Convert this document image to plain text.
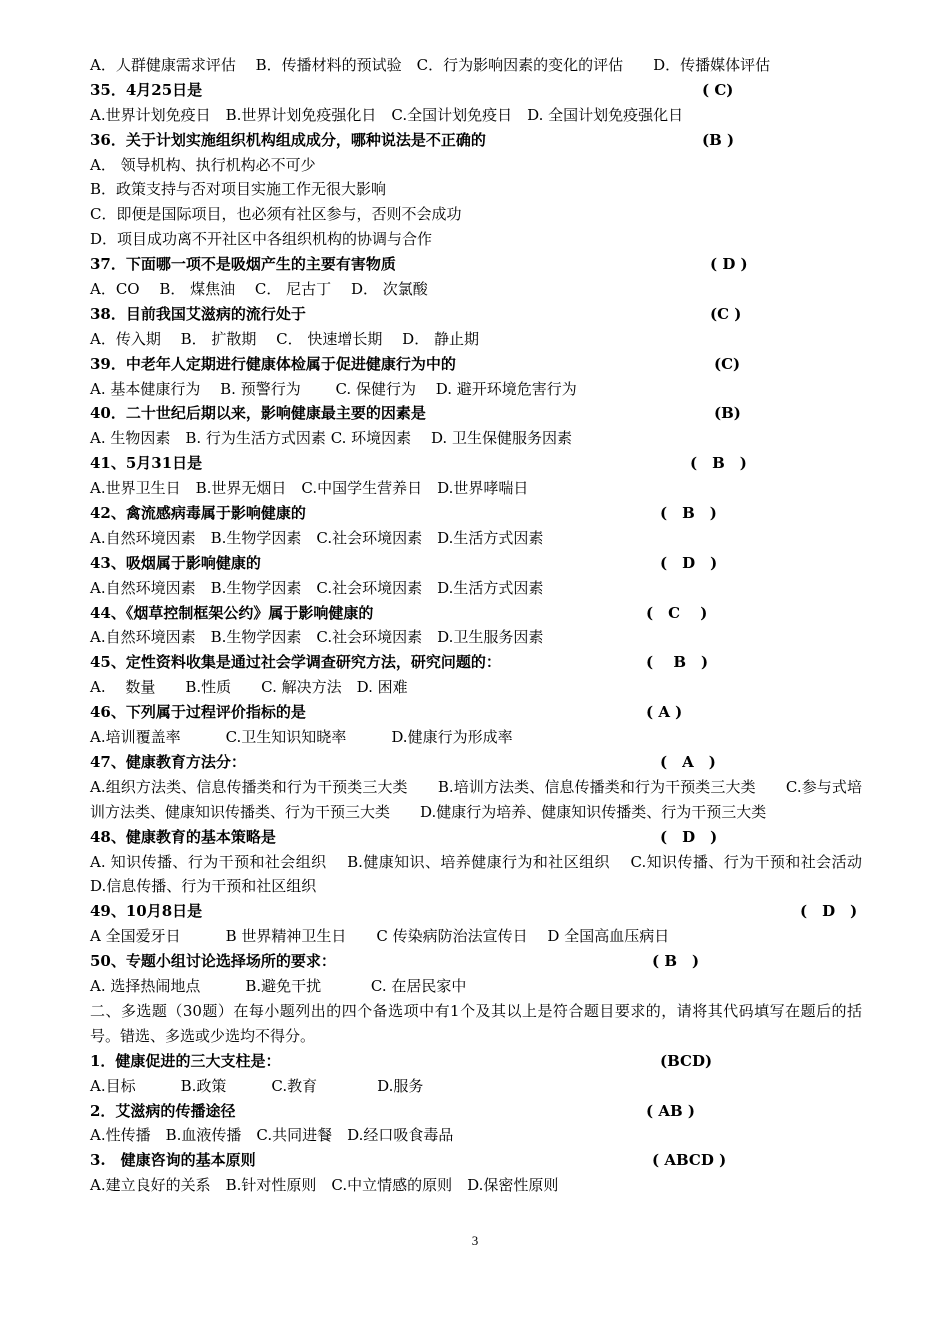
A．人群健康需求评估　 B．传播材料的预试验　C．行为影响因素的变化的评估　　D．传播媒体评估
35．4月25日是	( C)
A.世界计划免疫日　B.世界计划免疫强化日　C.全国计划免疫日　D. 全国计划免疫强化日
36．关于计划实施组织机构组成成分，哪种说法是不正确的	(B )
A． 领导机构、执行机构必不可少
B．政策支持与否对项目实施工作无很大影响
C．即便是国际项目，也必须有社区参与，否则不会成功
D．项目成功离不开社区中各组织机构的协调与合作
37．下面哪一项不是吸烟产生的主要有害物质	( D )
A．CO　 B． 煤焦油　 C． 尼古丁　 D． 次氯酸
38．目前我国艾滋病的流行处于	(C )
A．传入期　 B． 扩散期　 C． 快速增长期　 D． 静止期
39．中老年人定期进行健康体检属于促进健康行为中的	(C)
A. 基本健康行为　 B. 预警行为　　 C. 保健行为　 D. 避开环境危害行为
40．二十世纪后期以来，影响健康最主要的因素是	(B)
A. 生物因素　B. 行为生活方式因素 C. 环境因素　 D. 卫生保健服务因素
41、5月31日是	(　B　)
A.世界卫生日　B.世界无烟日　C.中国学生营养日　D.世界哮喘日
42、禽流感病毒属于影响健康的	(　B　)
A.自然环境因素　B.生物学因素　C.社会环境因素　D.生活方式因素
43、吸烟属于影响健康的	(　D　)
A.自然环境因素　B.生物学因素　C.社会环境因素　D.生活方式因素
44、《烟草控制框架公约》属于影响健康的	(　C　 )
A.自然环境因素　B.生物学因素　C.社会环境因素　D.卫生服务因素
45、定性资料收集是通过社会学调查研究方法，研究问题的：	(　 B　)
A.　 数量　　B.性质　　C. 解决方法　D. 困难
46、下列属于过程评价指标的是	( A )
A.培训覆盖率　　　C.卫生知识知晓率　　　D.健康行为形成率
47、健康教育方法分：	(　A　)
A.组织方法类、信息传播类和行为干预类三大类　　B.培训方法类、信息传播类和行为干预类三大类　　C.参与式培训方法类、健康知识传播类、行为干预三大类　　D.健康行为培养、健康知识传播类、行为干预三大类
48、健康教育的基本策略是	(　D　)
A. 知识传播、行为干预和社会组织　 B.健康知识、培养健康行为和社区组织　 C.知识传播、行为干预和社会活动　 D.信息传播、行为干预和社区组织
49、10月8日是	(　D　)
A 全国爱牙日　　　B 世界精神卫生日　　C 传染病防治法宣传日　 D 全国高血压病日
50、专题小组讨论选择场所的要求：	( B　)
A. 选择热闹地点　　　B.避免干扰　　　 C. 在居民家中
二、多选题（30题）在每小题列出的四个备选项中有1个及其以上是符合题目要求的，请将其代码填写在题后的括号。错选、多选或少选均不得分。
1．健康促进的三大支柱是：	(BCD)
A.目标　　　B.政策　　　C.教育　　　　D.服务
2．艾滋病的传播途径	( AB )
A.性传播　B.血液传播　C.共同进餐　D.经口吸食毒品
3.　健康咨询的基本原则	( ABCD )
A.建立良好的关系　B.针对性原则　C.中立情感的原则　D.保密性原则
3
